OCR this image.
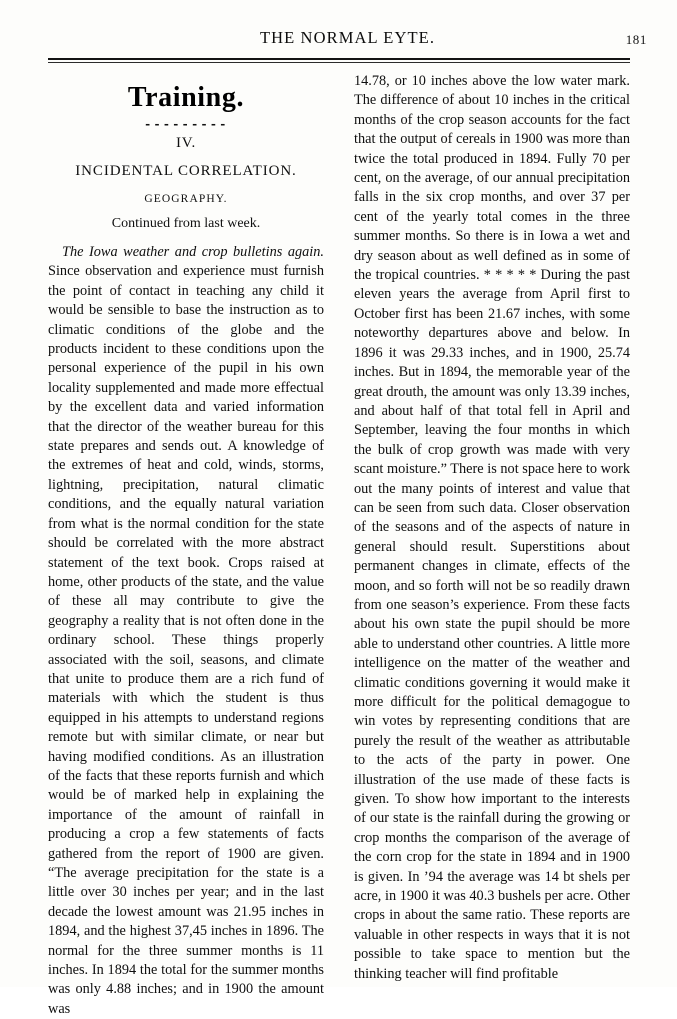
THE NORMAL EYTE.	181
Training.
---------
IV.
INCIDENTAL CORRELATION.
GEOGRAPHY.
Continued from last week.

The Iowa weather and crop bulletins again. Since observation and experience must furnish the point of contact in teaching any child it would be sensible to base the instruction as to climatic conditions of the globe and the products incident to these conditions upon the personal experience of the pupil in his own locality supplemented and made more effectual by the excellent data and varied information that the director of the weather bureau for this state prepares and sends out. A knowledge of the extremes of heat and cold, winds, storms, lightning, precipitation, natural climatic conditions, and the equally natural variation from what is the normal condition for the state should be correlated with the more abstract statement of the text book. Crops raised at home, other products of the state, and the value of these all may contribute to give the geography a reality that is not often done in the ordinary school. These things properly associated with the soil, seasons, and climate that unite to produce them are a rich fund of materials with which the student is thus equipped in his attempts to understand regions remote but with similar climate, or near but having modified conditions. As an illustration of the facts that these reports furnish and which would be of marked help in explaining the importance of the amount of rainfall in producing a crop a few statements of facts gathered from the report of 1900 are given. “The average precipitation for the state is a little over 30 inches per year; and in the last decade the lowest amount was 21.95 inches in 1894, and the highest 37,45 inches in 1896. The normal for the three summer months is 11 inches. In 1894 the total for the summer months was only 4.88 inches; and in 1900 the amount was

14.78, or 10 inches above the low water mark. The difference of about 10 inches in the critical months of the crop season accounts for the fact that the output of cereals in 1900 was more than twice the total produced in 1894. Fully 70 per cent, on the average, of our annual precipitation falls in the six crop months, and over 37 per cent of the yearly total comes in the three summer months. So there is in Iowa a wet and dry season about as well defined as in some of the tropical countries. * * * * * During the past eleven years the average from April first to October first has been 21.67 inches, with some noteworthy departures above and below. In 1896 it was 29.33 inches, and in 1900, 25.74 inches. But in 1894, the memorable year of the great drouth, the amount was only 13.39 inches, and about half of that total fell in April and September, leaving the four months in which the bulk of crop growth was made with very scant moisture.” There is not space here to work out the many points of interest and value that can be seen from such data. Closer observation of the seasons and of the aspects of nature in general should result. Superstitions about permanent changes in climate, effects of the moon, and so forth will not be so readily drawn from one season’s experience. From these facts about his own state the pupil should be more able to understand other countries. A little more intelligence on the matter of the weather and climatic conditions governing it would make it more difficult for the political demagogue to win votes by representing conditions that are purely the result of the weather as attributable to the acts of the party in power. One illustration of the use made of these facts is given. To show how important to the interests of our state is the rainfall during the growing or crop months the comparison of the average of the corn crop for the state in 1894 and in 1900 is given. In ’94 the average was 14 bt shels per acre, in 1900 it was 40.3 bushels per acre. Other crops in about the same ratio. These reports are valuable in other respects in ways that it is not possible to take space to mention but the thinking teacher will find profitable
